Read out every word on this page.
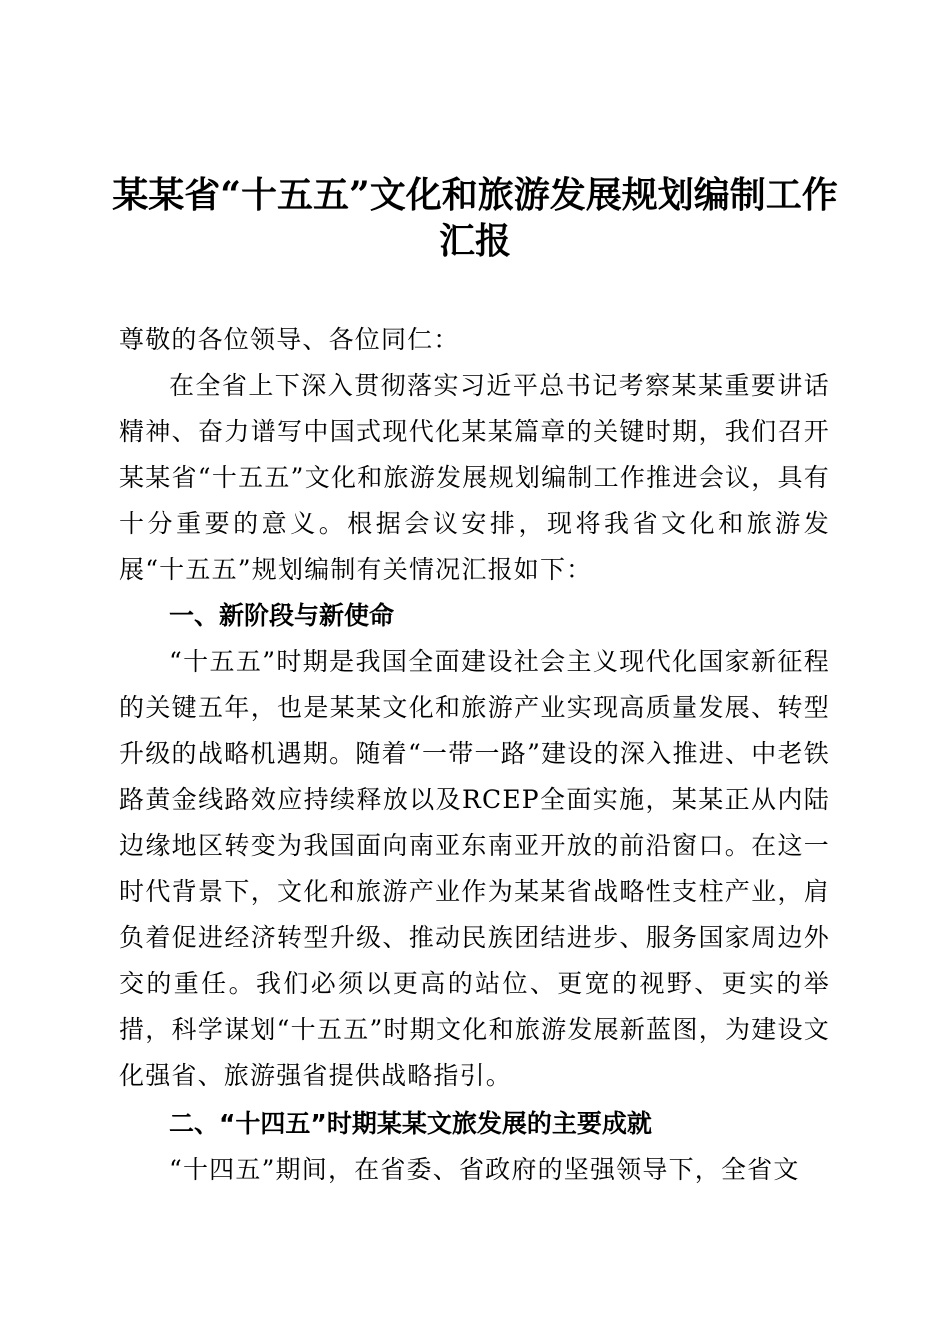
某某省“十五五”文化和旅游发展规划编制工作汇报

尊敬的各位领导、各位同仁：

在全省上下深入贯彻落实习近平总书记考察某某重要讲话精神、奋力谱写中国式现代化某某篇章的关键时期，我们召开某某省“十五五”文化和旅游发展规划编制工作推进会议，具有十分重要的意义。根据会议安排，现将我省文化和旅游发展“十五五”规划编制有关情况汇报如下：

一、新阶段与新使命

“十五五”时期是我国全面建设社会主义现代化国家新征程的关键五年，也是某某文化和旅游产业实现高质量发展、转型升级的战略机遇期。随着“一带一路”建设的深入推进、中老铁路黄金线路效应持续释放以及RCEP全面实施，某某正从内陆边缘地区转变为我国面向南亚东南亚开放的前沿窗口。在这一时代背景下，文化和旅游产业作为某某省战略性支柱产业，肩负着促进经济转型升级、推动民族团结进步、服务国家周边外交的重任。我们必须以更高的站位、更宽的视野、更实的举措，科学谋划“十五五”时期文化和旅游发展新蓝图，为建设文化强省、旅游强省提供战略指引。

二、“十四五”时期某某文旅发展的主要成就

“十四五”期间，在省委、省政府的坚强领导下，全省文
